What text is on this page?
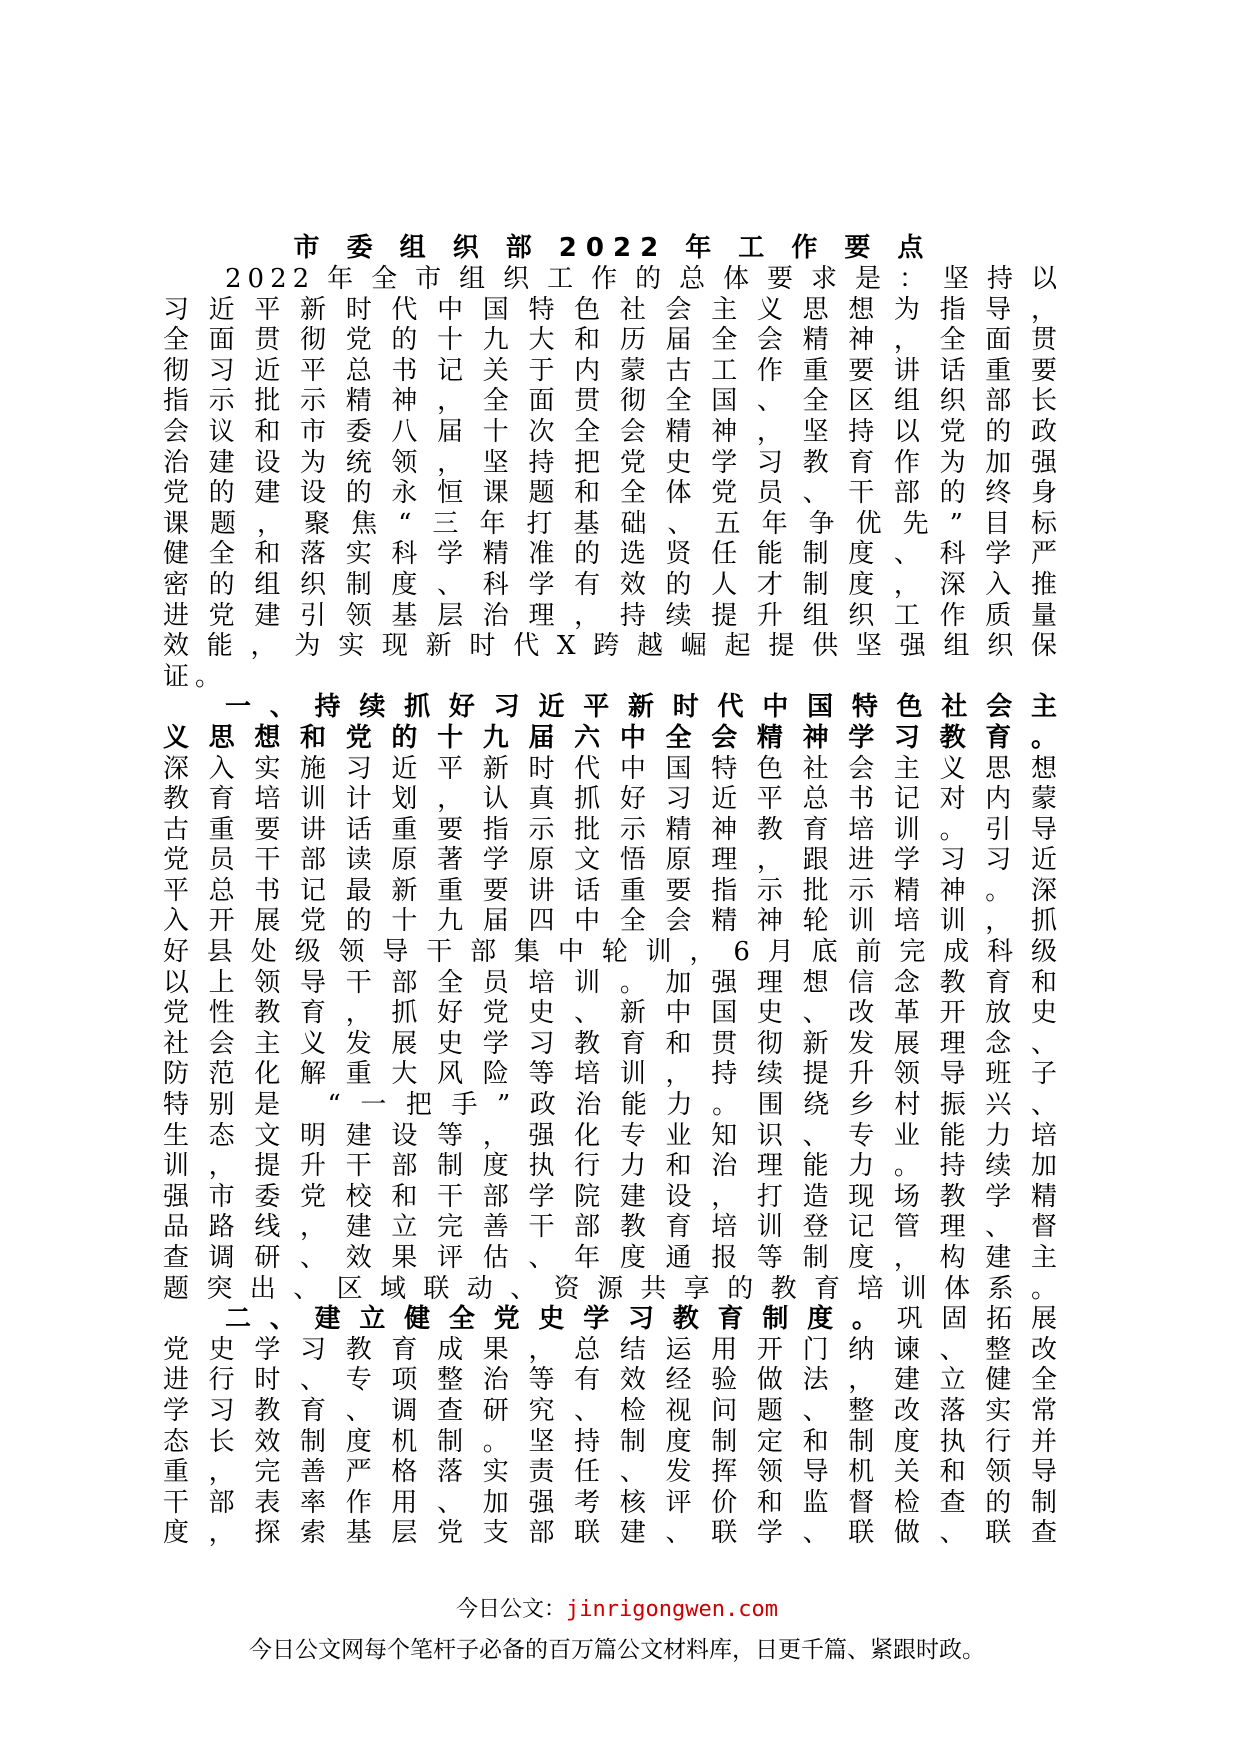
市 委 组 织 部 2022 年 工 作 要 点
2022年全市组织工作的总体要求是：坚持以
习近平新时代中国特色社会主义思想为指导，
全面贯彻党的十九大和历届全会精神，全面贯
彻习近平总书记关于内蒙古工作重要讲话重要
指示批示精神，全面贯彻全国、全区组织部长
会议和市委八届十次全会精神，坚持以党的政
治建设为统领，坚持把党史学习教育作为加强
党的建设的永恒课题和全体党员、干部的终身
课题，聚焦“三年打基础、五年争优先”目标
健全和落实科学精准的选贤任能制度、科学严
密的组织制度、科学有效的人才制度，深入推
进党建引领基层治理，持续提升组织工作质量
效能，为实现新时代X跨越崛起提供坚强组织保
证。
一、持续抓好习近平新时代中国特色社会主
义思想和党的十九届六中全会精神学习教育。
深入实施习近平新时代中国特色社会主义思想
教育培训计划，认真抓好习近平总书记对内蒙
古重要讲话重要指示批示精神教育培训。引导
党员干部读原著学原文悟原理，跟进学习习近
平总书记最新重要讲话重要指示批示精神。深
入开展党的十九届四中全会精神轮训培训，抓
好县处级领导干部集中轮训，6月底前完成科级
以上领导干部全员培训。加强理想信念教育和
党性教育，抓好党史、新中国史、改革开放史
社会主义发展史学习教育和贯彻新发展理念、
防范化解重大风险等培训，持续提升领导班子
特别是 “一把手”政治能力。围绕乡村振兴、
生态文明建设等，强化专业知识、专业能力培
训，提升干部制度执行力和治理能力。持续加
强市委党校和干部学院建设，打造现场教学精
品路线，建立完善干部教育培训登记管理、督
查调研、效果评估、年度通报等制度，构建主
题突出、区域联动、资源共享的教育培训体系。
二、建立健全党史学习教育制度。巩固拓展
党史学习教育成果，总结运用开门纳谏、整改
进行时、专项整治等有效经验做法，建立健全
学习教育、调查研究、检视问题、整改落实常
态长效制度机制。坚持制度制定和制度执行并
重，完善严格落实责任、发挥领导机关和领导
干部表率作用、加强考核评价和监督检查的制
度，探索基层党支部联建、联学、联做、联查
今日公文：jinrigongwen.com
今日公文网每个笔杆子必备的百万篇公文材料库，日更千篇、紧跟时政。
